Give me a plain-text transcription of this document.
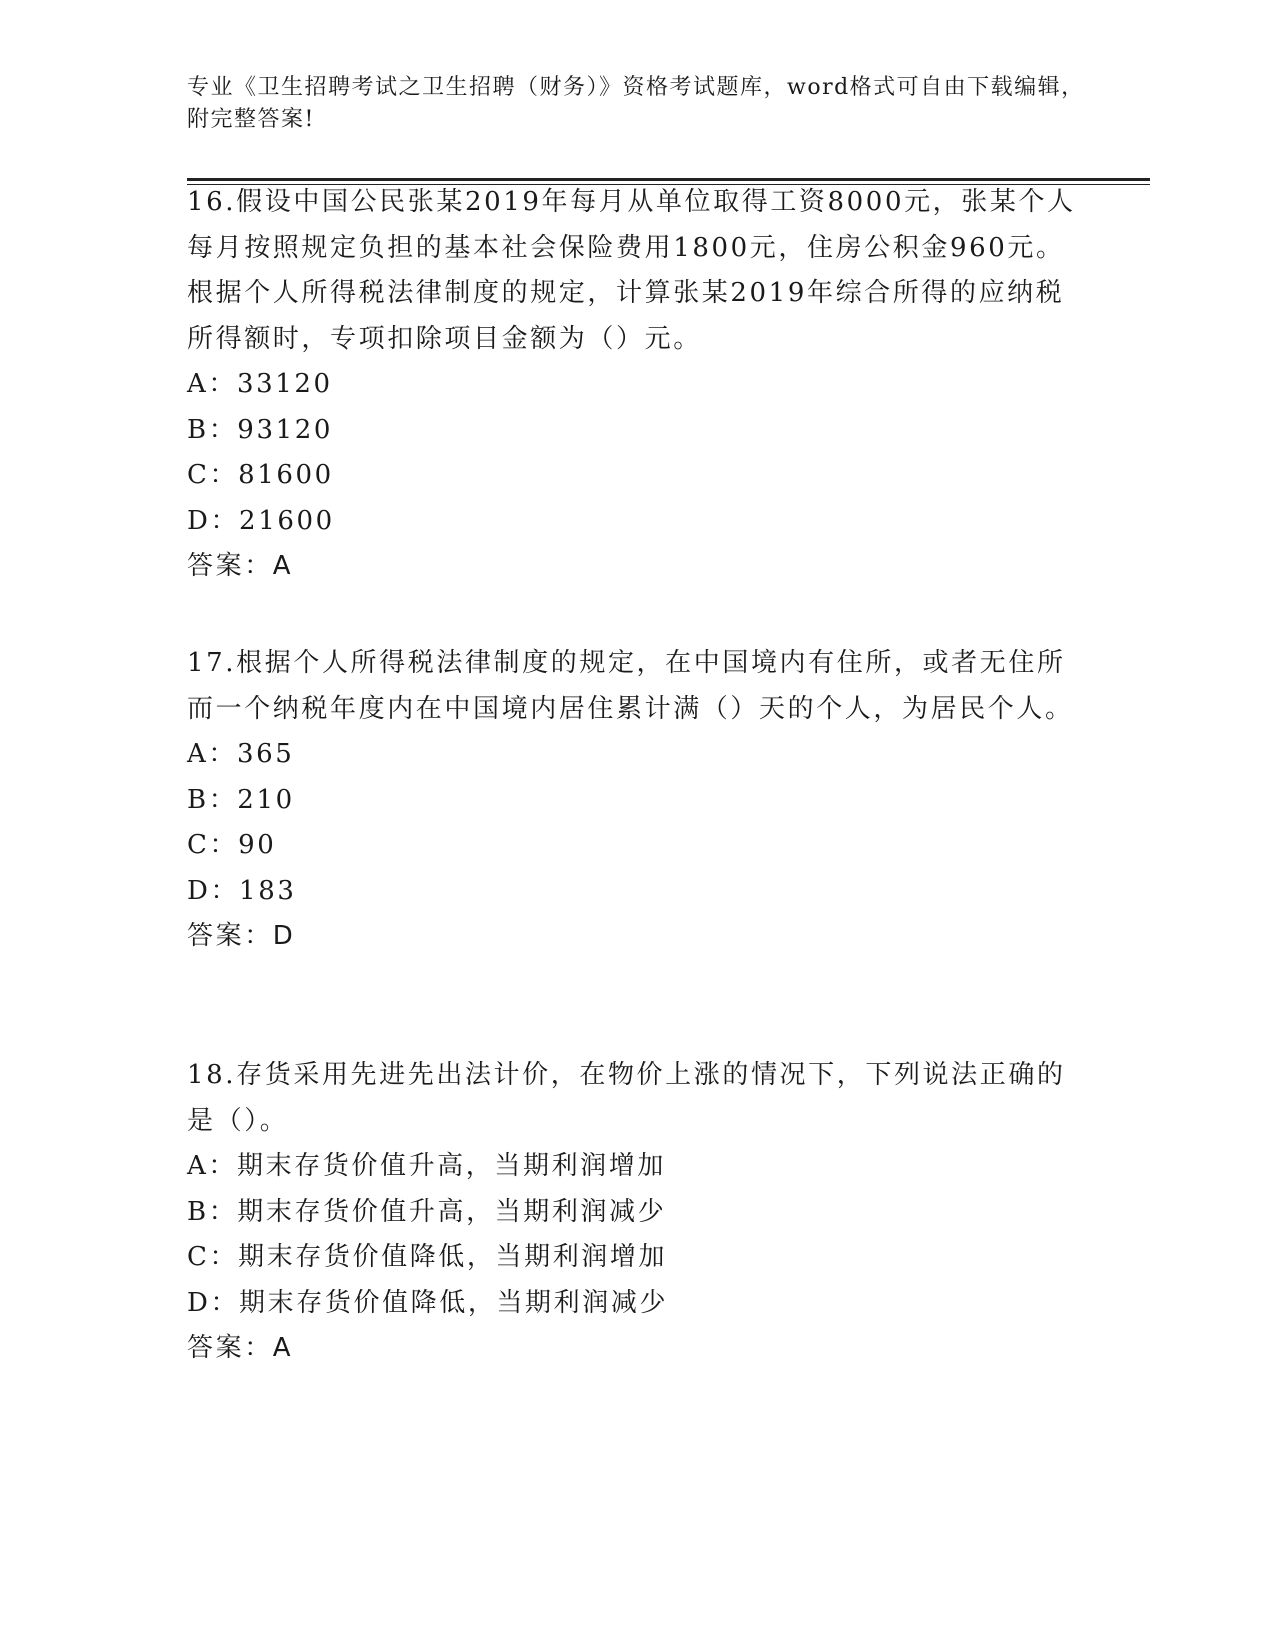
专业《卫生招聘考试之卫生招聘（财务）》资格考试题库，word格式可自由下载编辑，附完整答案!

16.假设中国公民张某2019年每月从单位取得工资8000元，张某个人每月按照规定负担的基本社会保险费用1800元，住房公积金960元。根据个人所得税法律制度的规定，计算张某2019年综合所得的应纳税所得额时，专项扣除项目金额为（）元。

A：33120

B：93120

C：81600

D：21600

答案：A

17.根据个人所得税法律制度的规定，在中国境内有住所，或者无住所而一个纳税年度内在中国境内居住累计满（）天的个人，为居民个人。

A：365

B：210

C：90

D：183

答案：D

18.存货采用先进先出法计价，在物价上涨的情况下，下列说法正确的是（）。

A：期末存货价值升高，当期利润增加

B：期末存货价值升高，当期利润减少

C：期末存货价值降低，当期利润增加

D：期末存货价值降低，当期利润减少

答案：A
